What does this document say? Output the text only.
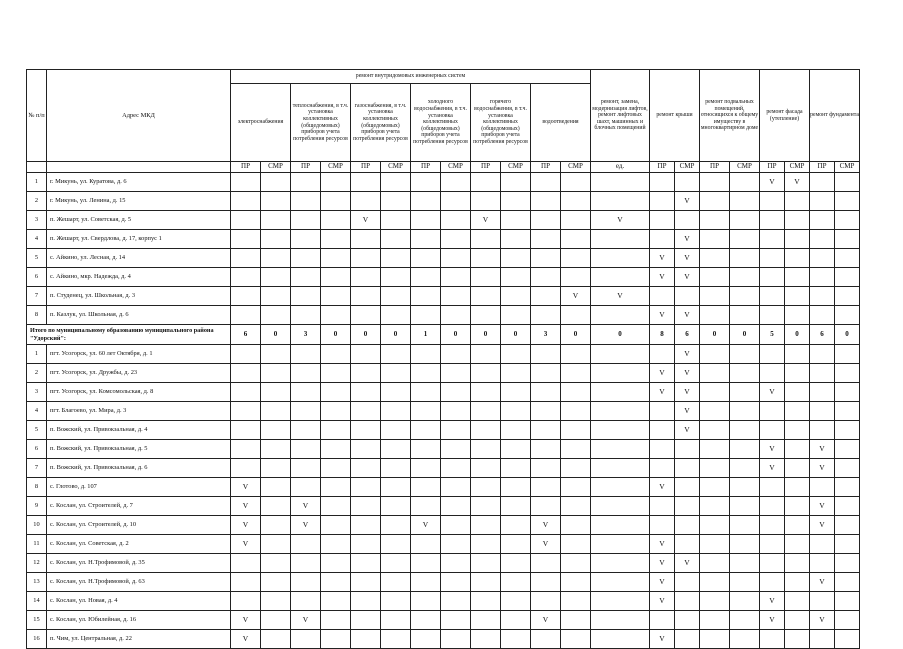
№ п/п	Адрес МКД	ремонт внутридомовых инженерных систем												ремонт, замена, модернизация лифтов, ремонт лифтовых шахт, машинных и блочных помещений	ремонт крыши		ремонт подвальных помещений, относящихся к общему имуществу в многоквартирном доме		ремонт фасада (утепление)		ремонт фундамента	
		электроснабжения		теплоснабжения, в т.ч. установка коллективных (общедомовых) приборов учета потребления ресурсов		газоснабжения, в т.ч. установка коллективных (общедомовых) приборов учета потребления ресурсов		холодного водоснабжения, в т.ч. установка коллективных (общедомовых) приборов учета потребления ресурсов		горячего водоснабжения, в т.ч. установка коллективных (общедомовых) приборов учета потребления ресурсов		водоотведения										
		ПР	СМР	ПР	СМР	ПР	СМР	ПР	СМР	ПР	СМР	ПР	СМР	ед.	ПР	СМР	ПР	СМР	ПР	СМР	ПР	СМР
1	г. Микунь, ул. Куратова, д. 6																		V	V		
2	г. Микунь, ул. Ленина, д. 15															V						
3	п. Жешарт, ул. Советская, д. 5					V				V				V								
4	п. Жешарт, ул. Свердлова, д. 17, корпус 1															V						
5	с. Айкино, ул. Лесная, д. 14														V	V						
6	с. Айкино, мкр. Надежда, д. 4														V	V						
7	п. Студенец, ул. Школьная, д. 3												V	V								
8	п. Казлук, ул. Школьная, д. 6														V	V						
Итого по муниципальному образованию муниципального района "Удорский":		6	0	3	0	0	0	1	0	0	0	3	0	0	8	6	0	0	5	0	6	0
1	пгт. Усогорск, ул. 60 лет Октября, д. 1															V						
2	пгт. Усогорск, ул. Дружбы, д. 23														V	V						
3	пгт. Усогорск, ул. Комсомольская, д. 8														V	V			V			
4	пгт. Благоево, ул. Мира, д. 3															V						
5	п. Вожский, ул. Привокзальная, д. 4															V						
6	п. Вожский, ул. Привокзальная, д. 5																		V		V	
7	п. Вожский, ул. Привокзальная, д. 6																		V		V	
8	с. Глотово, д. 107	V													V							
9	с. Кослан, ул. Строителей, д. 7	V		V																	V	
10	с. Кослан, ул. Строителей, д. 10	V		V				V				V									V	
11	с. Кослан, ул. Советская, д. 2	V										V			V							
12	с. Кослан, ул. Н.Трофимовой, д. 35														V	V						
13	с. Кослан, ул. Н.Трофимовой, д. 63														V						V	
14	с. Кослан, ул. Новая, д. 4														V				V			
15	с. Кослан, ул. Юбилейная, д. 16	V		V								V							V		V	
16	п. Чим, ул. Центральная, д. 22	V													V							
